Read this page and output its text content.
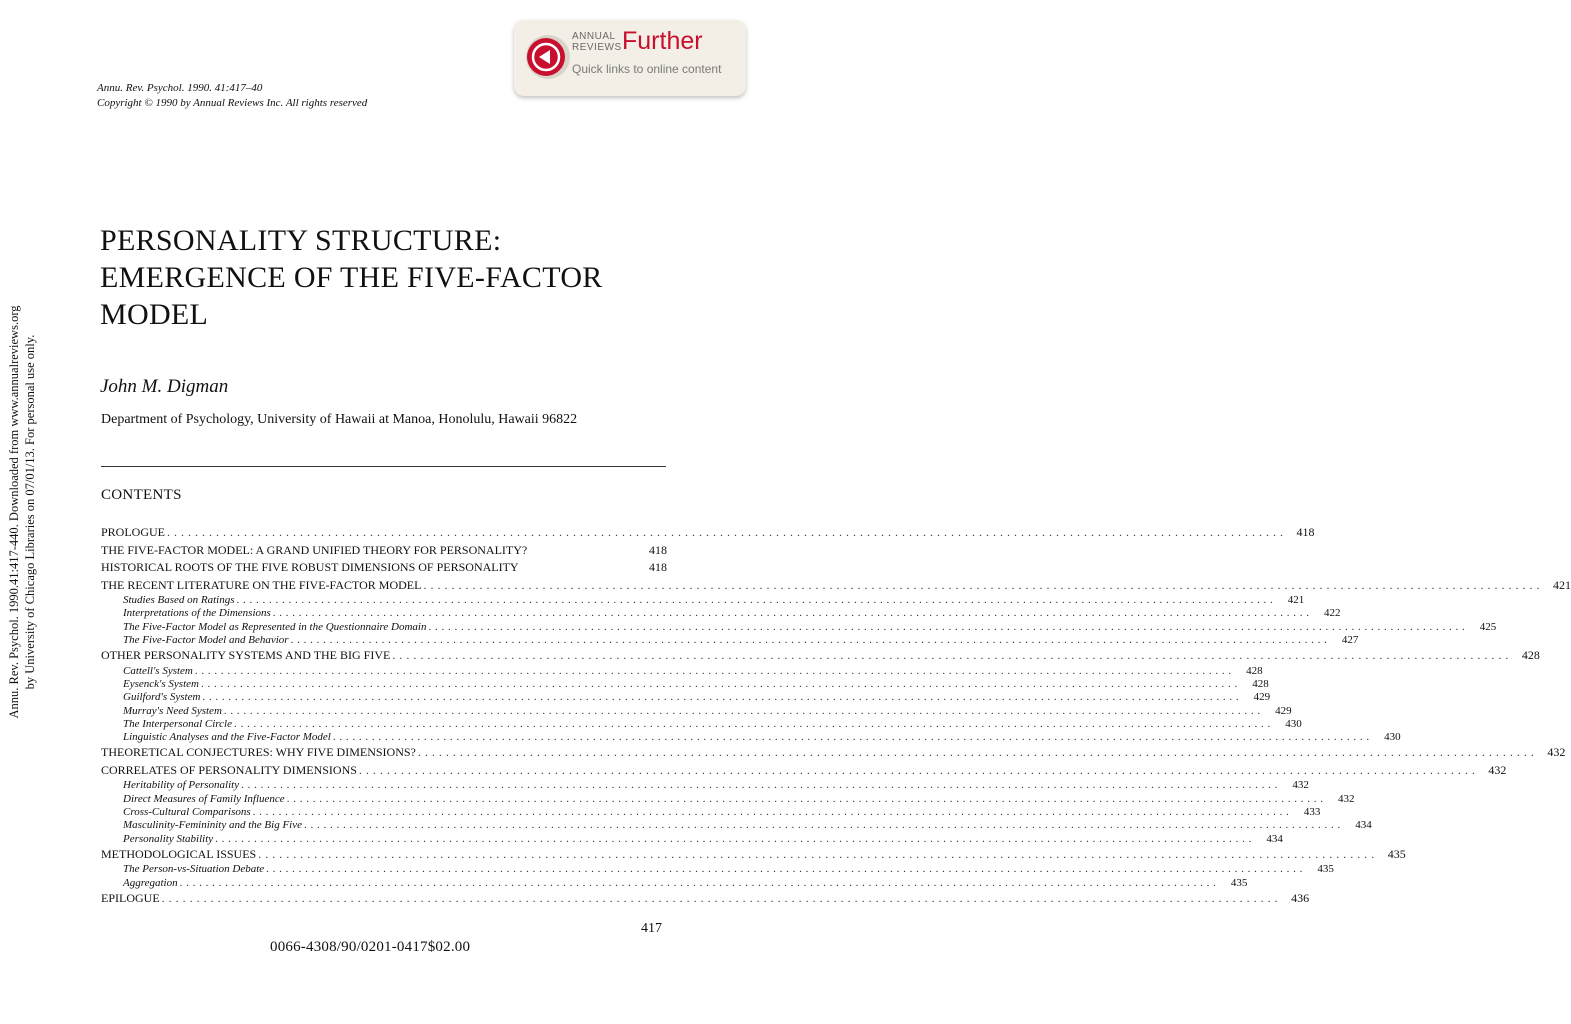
ANNUAL
REVIEWS Further
Quick links to online content
Annu. Rev. Psychol. 1990. 41:417–40
Copyright © 1990 by Annual Reviews Inc. All rights reserved
Annu. Rev. Psychol. 1990.41:417-440. Downloaded from www.annualreviews.org by University of Chicago Libraries on 07/01/13. For personal use only.
PERSONALITY STRUCTURE:
EMERGENCE OF THE FIVE-FACTOR
MODEL
John M. Digman
Department of Psychology, University of Hawaii at Manoa, Honolulu, Hawaii 96822
CONTENTS
PROLOGUE . . . . . . . . . . . . . . . . . . . . . . . . . . . . . . . . . . . . . . . . . . . . . . . . . . . . . . . . . . . . . . . . . . . . . . . . . . . . . . . . . . . . . . . . . . . . . . . . . . . . . . . . . . . . . . . . . . . . . . . . . . . . . . . . . . . . . . . . . . . . . . . . . . . . . . . . . . . . . . . .	418
THE FIVE-FACTOR MODEL: A GRAND UNIFIED THEORY FOR PERSONALITY?	418
HISTORICAL ROOTS OF THE FIVE ROBUST DIMENSIONS OF PERSONALITY	418
THE RECENT LITERATURE ON THE FIVE-FACTOR MODEL . . . . . . . . . . . . . . . . . . . . . . . . . . . . . . . . . . . . . . . . . . . . . . . . . . . . . . . . . . . . . . . . . . . . . . . . . . . . . . . . . . . . . . . . . . . . . . . . . . . . . . . . . . . . . . . . . . . . . . . . . . . . . . . . . . . . . . . . . . . . . . . . . . . . . . . . . . . . . . . .	421
Studies Based on Ratings . . . . . . . . . . . . . . . . . . . . . . . . . . . . . . . . . . . . . . . . . . . . . . . . . . . . . . . . . . . . . . . . . . . . . . . . . . . . . . . . . . . . . . . . . . . . . . . . . . . . . . . . . . . . . . . . . . . . . . . . . . . . . . . . . . . . . . . . . . . . . . . . . . . . . . . . . . . . . . . .	421
Interpretations of the Dimensions . . . . . . . . . . . . . . . . . . . . . . . . . . . . . . . . . . . . . . . . . . . . . . . . . . . . . . . . . . . . . . . . . . . . . . . . . . . . . . . . . . . . . . . . . . . . . . . . . . . . . . . . . . . . . . . . . . . . . . . . . . . . . . . . . . . . . . . . . . . . . . . . . . . . . . . . . . . . . . . .	422
The Five-Factor Model as Represented in the Questionnaire Domain . . . . . . . . . . . . . . . . . . . . . . . . . . . . . . . . . . . . . . . . . . . . . . . . . . . . . . . . . . . . . . . . . . . . . . . . . . . . . . . . . . . . . . . . . . . . . . . . . . . . . . . . . . . . . . . . . . . . . . . . . . . . . . . . . . . . . . . . . . . . . . . . . . . . . . . . . . . . . . . .	425
The Five-Factor Model and Behavior . . . . . . . . . . . . . . . . . . . . . . . . . . . . . . . . . . . . . . . . . . . . . . . . . . . . . . . . . . . . . . . . . . . . . . . . . . . . . . . . . . . . . . . . . . . . . . . . . . . . . . . . . . . . . . . . . . . . . . . . . . . . . . . . . . . . . . . . . . . . . . . . . . . . . . . . . . . . . . . .	427
OTHER PERSONALITY SYSTEMS AND THE BIG FIVE . . . . . . . . . . . . . . . . . . . . . . . . . . . . . . . . . . . . . . . . . . . . . . . . . . . . . . . . . . . . . . . . . . . . . . . . . . . . . . . . . . . . . . . . . . . . . . . . . . . . . . . . . . . . . . . . . . . . . . . . . . . . . . . . . . . . . . . . . . . . . . . . . . . . . . . . . . . . . . . .	428
Cattell's System . . . . . . . . . . . . . . . . . . . . . . . . . . . . . . . . . . . . . . . . . . . . . . . . . . . . . . . . . . . . . . . . . . . . . . . . . . . . . . . . . . . . . . . . . . . . . . . . . . . . . . . . . . . . . . . . . . . . . . . . . . . . . . . . . . . . . . . . . . . . . . . . . . . . . . . . . . . . . . . .	428
Eysenck's System . . . . . . . . . . . . . . . . . . . . . . . . . . . . . . . . . . . . . . . . . . . . . . . . . . . . . . . . . . . . . . . . . . . . . . . . . . . . . . . . . . . . . . . . . . . . . . . . . . . . . . . . . . . . . . . . . . . . . . . . . . . . . . . . . . . . . . . . . . . . . . . . . . . . . . . . . . . . . . . .	428
Guilford's System . . . . . . . . . . . . . . . . . . . . . . . . . . . . . . . . . . . . . . . . . . . . . . . . . . . . . . . . . . . . . . . . . . . . . . . . . . . . . . . . . . . . . . . . . . . . . . . . . . . . . . . . . . . . . . . . . . . . . . . . . . . . . . . . . . . . . . . . . . . . . . . . . . . . . . . . . . . . . . . .	429
Murray's Need System . . . . . . . . . . . . . . . . . . . . . . . . . . . . . . . . . . . . . . . . . . . . . . . . . . . . . . . . . . . . . . . . . . . . . . . . . . . . . . . . . . . . . . . . . . . . . . . . . . . . . . . . . . . . . . . . . . . . . . . . . . . . . . . . . . . . . . . . . . . . . . . . . . . . . . . . . . . . . . . .	429
The Interpersonal Circle . . . . . . . . . . . . . . . . . . . . . . . . . . . . . . . . . . . . . . . . . . . . . . . . . . . . . . . . . . . . . . . . . . . . . . . . . . . . . . . . . . . . . . . . . . . . . . . . . . . . . . . . . . . . . . . . . . . . . . . . . . . . . . . . . . . . . . . . . . . . . . . . . . . . . . . . . . . . . . . .	430
Linguistic Analyses and the Five-Factor Model . . . . . . . . . . . . . . . . . . . . . . . . . . . . . . . . . . . . . . . . . . . . . . . . . . . . . . . . . . . . . . . . . . . . . . . . . . . . . . . . . . . . . . . . . . . . . . . . . . . . . . . . . . . . . . . . . . . . . . . . . . . . . . . . . . . . . . . . . . . . . . . . . . . . . . . . . . . . . . . .	430
THEORETICAL CONJECTURES: WHY FIVE DIMENSIONS? . . . . . . . . . . . . . . . . . . . . . . . . . . . . . . . . . . . . . . . . . . . . . . . . . . . . . . . . . . . . . . . . . . . . . . . . . . . . . . . . . . . . . . . . . . . . . . . . . . . . . . . . . . . . . . . . . . . . . . . . . . . . . . . . . . . . . . . . . . . . . . . . . . . . . . . . . . . . . . . .	432
CORRELATES OF PERSONALITY DIMENSIONS . . . . . . . . . . . . . . . . . . . . . . . . . . . . . . . . . . . . . . . . . . . . . . . . . . . . . . . . . . . . . . . . . . . . . . . . . . . . . . . . . . . . . . . . . . . . . . . . . . . . . . . . . . . . . . . . . . . . . . . . . . . . . . . . . . . . . . . . . . . . . . . . . . . . . . . . . . . . . . . .	432
Heritability of Personality . . . . . . . . . . . . . . . . . . . . . . . . . . . . . . . . . . . . . . . . . . . . . . . . . . . . . . . . . . . . . . . . . . . . . . . . . . . . . . . . . . . . . . . . . . . . . . . . . . . . . . . . . . . . . . . . . . . . . . . . . . . . . . . . . . . . . . . . . . . . . . . . . . . . . . . . . . . . . . . .	432
Direct Measures of Family Influence . . . . . . . . . . . . . . . . . . . . . . . . . . . . . . . . . . . . . . . . . . . . . . . . . . . . . . . . . . . . . . . . . . . . . . . . . . . . . . . . . . . . . . . . . . . . . . . . . . . . . . . . . . . . . . . . . . . . . . . . . . . . . . . . . . . . . . . . . . . . . . . . . . . . . . . . . . . . . . . .	432
Cross-Cultural Comparisons . . . . . . . . . . . . . . . . . . . . . . . . . . . . . . . . . . . . . . . . . . . . . . . . . . . . . . . . . . . . . . . . . . . . . . . . . . . . . . . . . . . . . . . . . . . . . . . . . . . . . . . . . . . . . . . . . . . . . . . . . . . . . . . . . . . . . . . . . . . . . . . . . . . . . . . . . . . . . . . .	433
Masculinity-Femininity and the Big Five . . . . . . . . . . . . . . . . . . . . . . . . . . . . . . . . . . . . . . . . . . . . . . . . . . . . . . . . . . . . . . . . . . . . . . . . . . . . . . . . . . . . . . . . . . . . . . . . . . . . . . . . . . . . . . . . . . . . . . . . . . . . . . . . . . . . . . . . . . . . . . . . . . . . . . . . . . . . . . . .	434
Personality Stability . . . . . . . . . . . . . . . . . . . . . . . . . . . . . . . . . . . . . . . . . . . . . . . . . . . . . . . . . . . . . . . . . . . . . . . . . . . . . . . . . . . . . . . . . . . . . . . . . . . . . . . . . . . . . . . . . . . . . . . . . . . . . . . . . . . . . . . . . . . . . . . . . . . . . . . . . . . . . . . .	434
METHODOLOGICAL ISSUES . . . . . . . . . . . . . . . . . . . . . . . . . . . . . . . . . . . . . . . . . . . . . . . . . . . . . . . . . . . . . . . . . . . . . . . . . . . . . . . . . . . . . . . . . . . . . . . . . . . . . . . . . . . . . . . . . . . . . . . . . . . . . . . . . . . . . . . . . . . . . . . . . . . . . . . . . . . . . . . .	435
The Person-vs-Situation Debate . . . . . . . . . . . . . . . . . . . . . . . . . . . . . . . . . . . . . . . . . . . . . . . . . . . . . . . . . . . . . . . . . . . . . . . . . . . . . . . . . . . . . . . . . . . . . . . . . . . . . . . . . . . . . . . . . . . . . . . . . . . . . . . . . . . . . . . . . . . . . . . . . . . . . . . . . . . . . . . .	435
Aggregation . . . . . . . . . . . . . . . . . . . . . . . . . . . . . . . . . . . . . . . . . . . . . . . . . . . . . . . . . . . . . . . . . . . . . . . . . . . . . . . . . . . . . . . . . . . . . . . . . . . . . . . . . . . . . . . . . . . . . . . . . . . . . . . . . . . . . . . . . . . . . . . . . . . . . . . . . . . . . . . .	435
EPILOGUE . . . . . . . . . . . . . . . . . . . . . . . . . . . . . . . . . . . . . . . . . . . . . . . . . . . . . . . . . . . . . . . . . . . . . . . . . . . . . . . . . . . . . . . . . . . . . . . . . . . . . . . . . . . . . . . . . . . . . . . . . . . . . . . . . . . . . . . . . . . . . . . . . . . . . . . . . . . . . . . .	436
417
0066-4308/90/0201-0417$02.00
